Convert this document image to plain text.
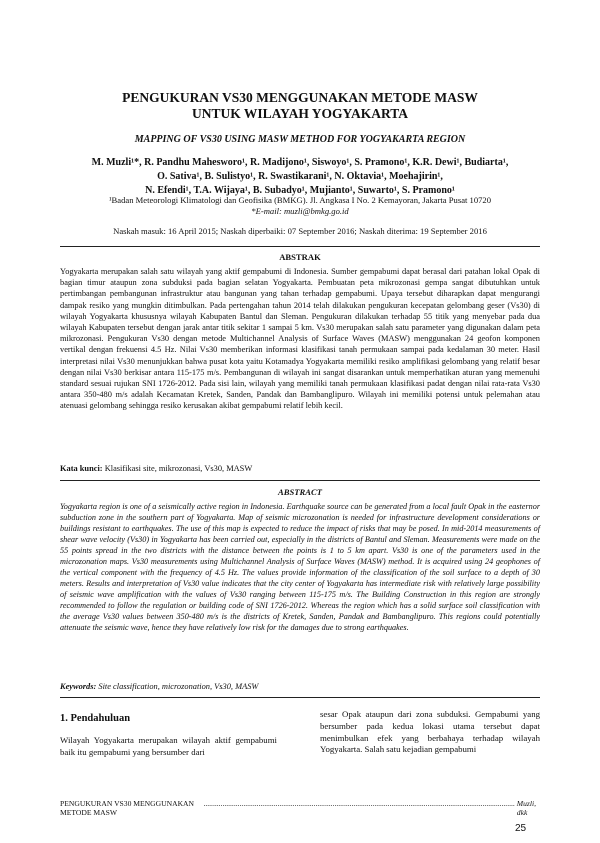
PENGUKURAN VS30 MENGGUNAKAN METODE MASW
UNTUK WILAYAH YOGYAKARTA
MAPPING OF VS30 USING MASW METHOD FOR YOGYAKARTA REGION
M. Muzli¹*, R. Pandhu Mahesworo¹, R. Madijono¹, Siswoyo¹, S. Pramono¹, K.R. Dewi¹, Budiarta¹,
O. Sativa¹, B. Sulistyo¹, R. Swastikarani¹, N. Oktavia¹, Moehajirin¹,
N. Efendi¹, T.A. Wijaya¹, B. Subadyo¹, Mujianto¹, Suwarto¹, S. Pramono¹
¹Badan Meteorologi Klimatologi dan Geofisika (BMKG). Jl. Angkasa I No. 2 Kemayoran, Jakarta Pusat 10720
*E-mail: muzli@bmkg.go.id
Naskah masuk: 16 April 2015; Naskah diperbaiki: 07 September 2016; Naskah diterima: 19 September 2016
ABSTRAK
Yogyakarta merupakan salah satu wilayah yang aktif gempabumi di Indonesia. Sumber gempabumi dapat berasal dari patahan lokal Opak di bagian timur ataupun zona subduksi pada bagian selatan Yogyakarta. Pembuatan peta mikrozonasi gempa sangat dibutuhkan untuk pertimbangan pembangunan infrastruktur atau bangunan yang tahan terhadap gempabumi. Upaya tersebut diharapkan dapat mengurangi dampak resiko yang mungkin ditimbulkan. Pada pertengahan tahun 2014 telah dilakukan pengukuran kecepatan gelombang geser (Vs30) di wilayah Yogyakarta khususnya wilayah Kabupaten Bantul dan Sleman. Pengukuran dilakukan terhadap 55 titik yang menyebar pada dua wilayah Kabupaten tersebut dengan jarak antar titik sekitar 1 sampai 5 km. Vs30 merupakan salah satu parameter yang digunakan dalam peta mikrozonasi. Pengukuran Vs30 dengan metode Multichannel Analysis of Surface Waves (MASW) menggunakan 24 geofon komponen vertikal dengan frekuensi 4.5 Hz. Nilai Vs30 memberikan informasi klasifikasi tanah permukaan sampai pada kedalaman 30 meter. Hasil interpretasi nilai Vs30 menunjukkan bahwa pusat kota yaitu Kotamadya Yogyakarta memiliki resiko amplifikasi gelombang yang relatif besar dengan nilai Vs30 berkisar antara 115-175 m/s. Pembangunan di wilayah ini sangat disarankan untuk memperhatikan aturan yang memenuhi standard sesuai rujukan SNI 1726-2012. Pada sisi lain, wilayah yang memiliki tanah permukaan klasifikasi padat dengan nilai rata-rata Vs30 antara 350-480 m/s adalah Kecamatan Kretek, Sanden, Pandak dan Bambanglipuro. Wilayah ini memiliki potensi untuk pelemahan atau atenuasi gelombang sehingga resiko kerusakan akibat gempabumi relatif lebih kecil.
Kata kunci: Klasifikasi site, mikrozonasi, Vs30, MASW
ABSTRACT
Yogyakarta region is one of a seismically active region in Indonesia. Earthquake source can be generated from a local fault Opak in the easternor subduction zone in the southern part of Yogyakarta. Map of seismic microzonation is needed for infrastructure development considerations or buildings resistant to earthquakes. The use of this map is expected to reduce the impact of risks that may be posed. In mid-2014 measurements of shear wave velocity (Vs30) in Yogyakarta has been carried out, especially in the districts of Bantul and Sleman. Measurements were made on the 55 points spread in the two districts with the distance between the points is 1 to 5 km apart. Vs30 is one of the parameters used in the microzonation maps. Vs30 measurements using Multichannel Analysis of Surface Waves (MASW) method. It is acquired using 24 geophones of the vertical component with the frequency of 4.5 Hz. The values provide information of the classification of the soil surface to a depth of 30 meters. Results and interpretation of Vs30 value indicates that the city center of Yogyakarta has intermediate risk with relatively large possibility of seismic wave amplification with the values of Vs30 ranging between 115-175 m/s. The Building Construction in this region are strongly recommended to follow the regulation or building code of SNI 1726-2012. Whereas the region which has a solid surface soil classification with the average Vs30 values between 350-480 m/s is the districts of Kretek, Sanden, Pandak and Bambanglipuro. This regions could potentially attenuate the seismic wave, hence they have relatively low risk for the damages due to strong earthquakes.
Keywords: Site classification, microzonation, Vs30, MASW
1. Pendahuluan
Wilayah Yogyakarta merupakan wilayah aktif gempabumi baik itu gempabumi yang bersumber dari
sesar Opak ataupun dari zona subduksi. Gempabumi yang bersumber pada kedua lokasi utama tersebut dapat menimbulkan efek yang berbahaya terhadap wilayah Yogyakarta. Salah satu kejadian gempabumi
PENGUKURAN VS30 MENGGUNAKAN METODE MASW
.................................................................................................................................................................... Muzli, dkk
25
